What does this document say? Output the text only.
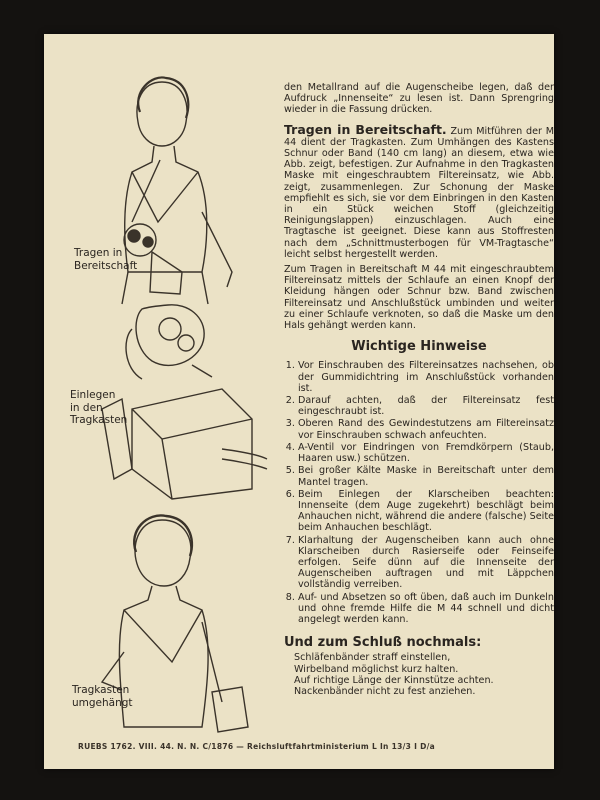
Tragen in
Bereitschaft
Einlegen
in den
Tragkasten
Tragkasten
umgehängt

den Metallrand auf die Augenscheibe legen, daß der Aufdruck „Innenseite“ zu lesen ist. Dann Sprengring wieder in die Fassung drücken.

Tragen in Bereitschaft. Zum Mitführen der M 44 dient der Tragkasten. Zum Umhängen des Kastens Schnur oder Band (140 cm lang) an diesem, etwa wie Abb. zeigt, befestigen. Zur Aufnahme in den Tragkasten Maske mit eingeschraubtem Filtereinsatz, wie Abb. zeigt, zusammenlegen. Zur Schonung der Maske empfiehlt es sich, sie vor dem Einbringen in den Kasten in ein Stück weichen Stoff (gleichzeitig Reinigungslappen) einzuschlagen. Auch eine Tragtasche ist geeignet. Diese kann aus Stoffresten nach dem „Schnittmusterbogen für VM-Tragtasche“ leicht selbst hergestellt werden.

Zum Tragen in Bereitschaft M 44 mit eingeschraubtem Filtereinsatz mittels der Schlaufe an einen Knopf der Kleidung hängen oder Schnur bzw. Band zwischen Filtereinsatz und Anschlußstück umbinden und weiter zu einer Schlaufe verknoten, so daß die Maske um den Hals gehängt werden kann.

Wichtige Hinweise
1. Vor Einschrauben des Filtereinsatzes nachsehen, ob der Gummidichtring im Anschlußstück vorhanden ist.
2. Darauf achten, daß der Filtereinsatz fest eingeschraubt ist.
3. Oberen Rand des Gewindestutzens am Filtereinsatz vor Einschrauben schwach anfeuchten.
4. A-Ventil vor Eindringen von Fremdkörpern (Staub, Haaren usw.) schützen.
5. Bei großer Kälte Maske in Bereitschaft unter dem Mantel tragen.
6. Beim Einlegen der Klarscheiben beachten: Innenseite (dem Auge zugekehrt) beschlägt beim Anhauchen nicht, während die andere (falsche) Seite beim Anhauchen beschlägt.
7. Klarhaltung der Augenscheiben kann auch ohne Klarscheiben durch Rasierseife oder Feinseife erfolgen. Seife dünn auf die Innenseite der Augenscheiben auftragen und mit Läppchen vollständig verreiben.
8. Auf- und Absetzen so oft üben, daß auch im Dunkeln und ohne fremde Hilfe die M 44 schnell und dicht angelegt werden kann.
Und zum Schluß nochmals:
Schläfenbänder straff einstellen,
Wirbelband möglichst kurz halten.
Auf richtige Länge der Kinnstütze achten.
Nackenbänder nicht zu fest anziehen.
RUEBS 1762. VIII. 44. N. N. C/1876 — Reichsluftfahrtministerium L In 13/3 I D/a
